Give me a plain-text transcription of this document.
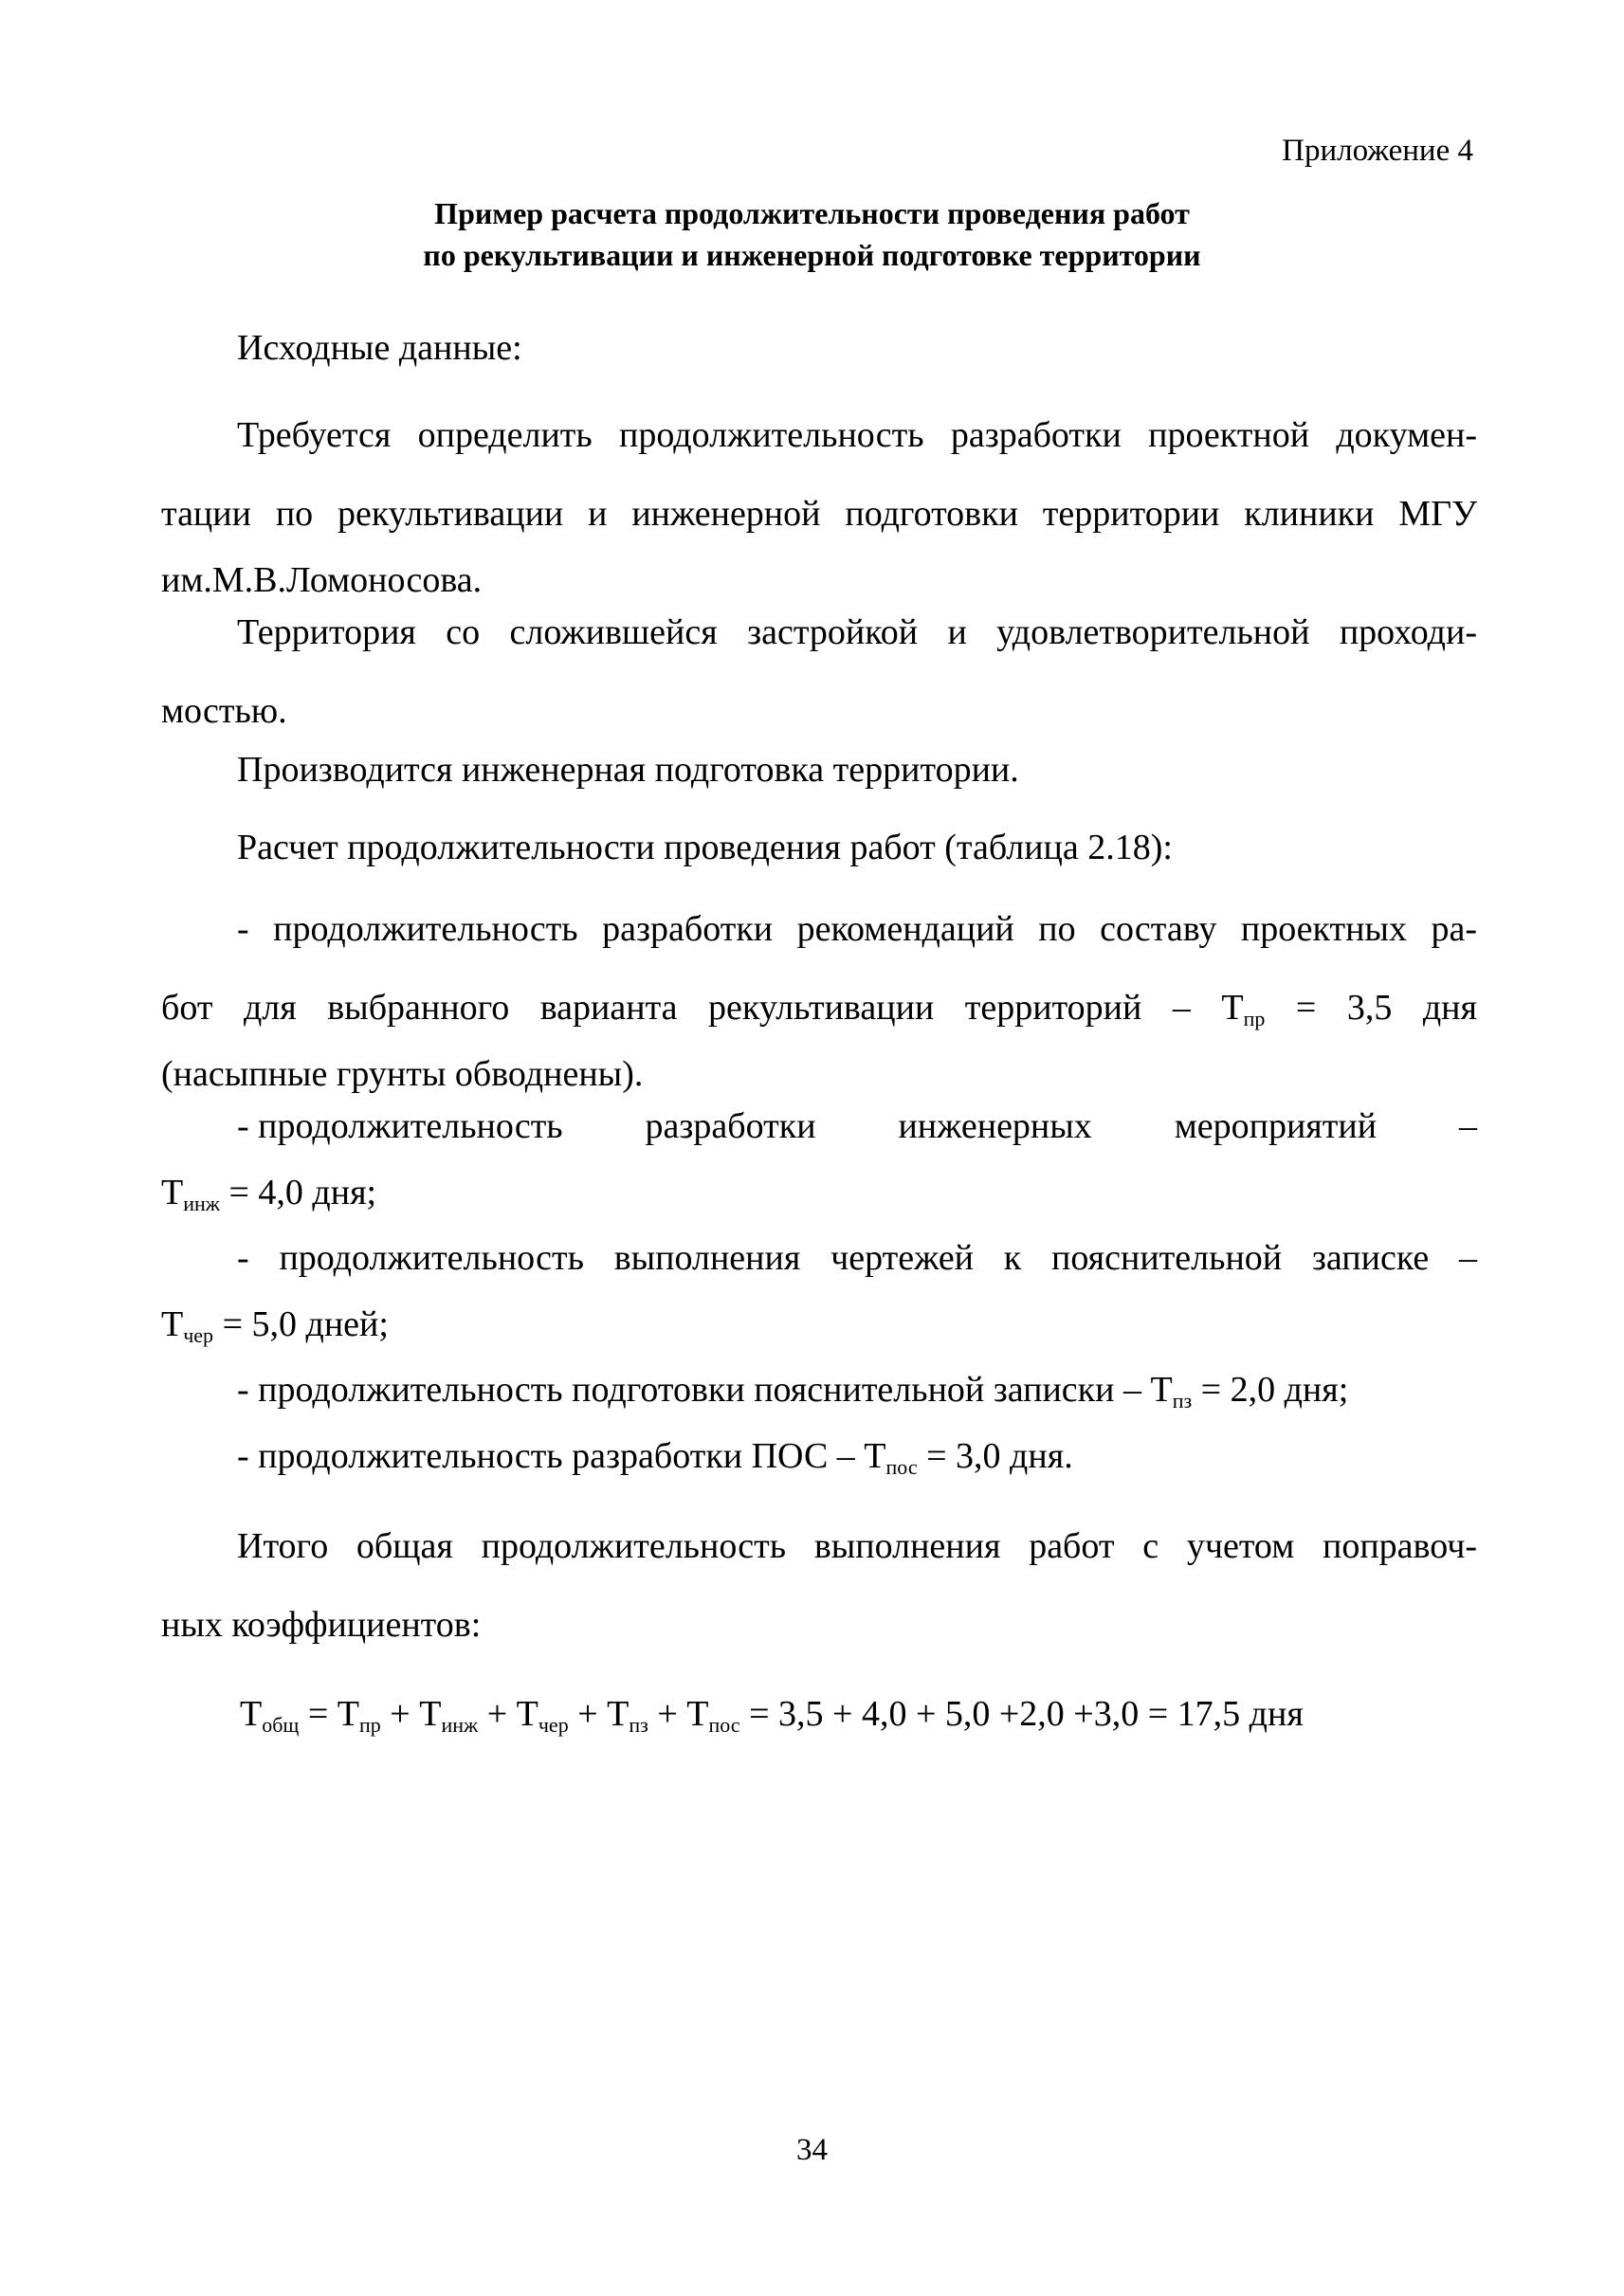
Приложение 4
Пример расчета продолжительности проведения работ
по рекультивации и инженерной подготовке территории
Исходные данные:
Требуется определить продолжительность разработки проектной докумен-
тации по рекультивации и инженерной подготовки территории клиники МГУ
им.М.В.Ломоносова.
Территория со сложившейся застройкой и удовлетворительной проходи-
мостью.
Производится инженерная подготовка территории.
Расчет продолжительности проведения работ (таблица 2.18):
- продолжительность разработки рекомендаций по составу проектных ра-
бот для выбранного варианта рекультивации территорий – $Т_{пр} = 3,5$ дня
(насыпные грунты обводнены).
- продолжительность разработки инженерных мероприятий –
$Т_{инж} = 4,0$ дня;
- продолжительность выполнения чертежей к пояснительной записке –
$Т_{чер} = 5,0$ дней;
- продолжительность подготовки пояснительной записки – $Т_{пз} = 2,0$ дня;
- продолжительность разработки ПОС – $Т_{пос} = 3,0$ дня.
Итого общая продолжительность выполнения работ с учетом поправоч-
ных коэффициентов:
$Т_{общ} = Т_{пр} + Т_{инж} + Т_{чер} + Т_{пз} + Т_{пос} = 3,5 + 4,0 + 5,0 +2,0 +3,0 = 17,5$ дня
34
